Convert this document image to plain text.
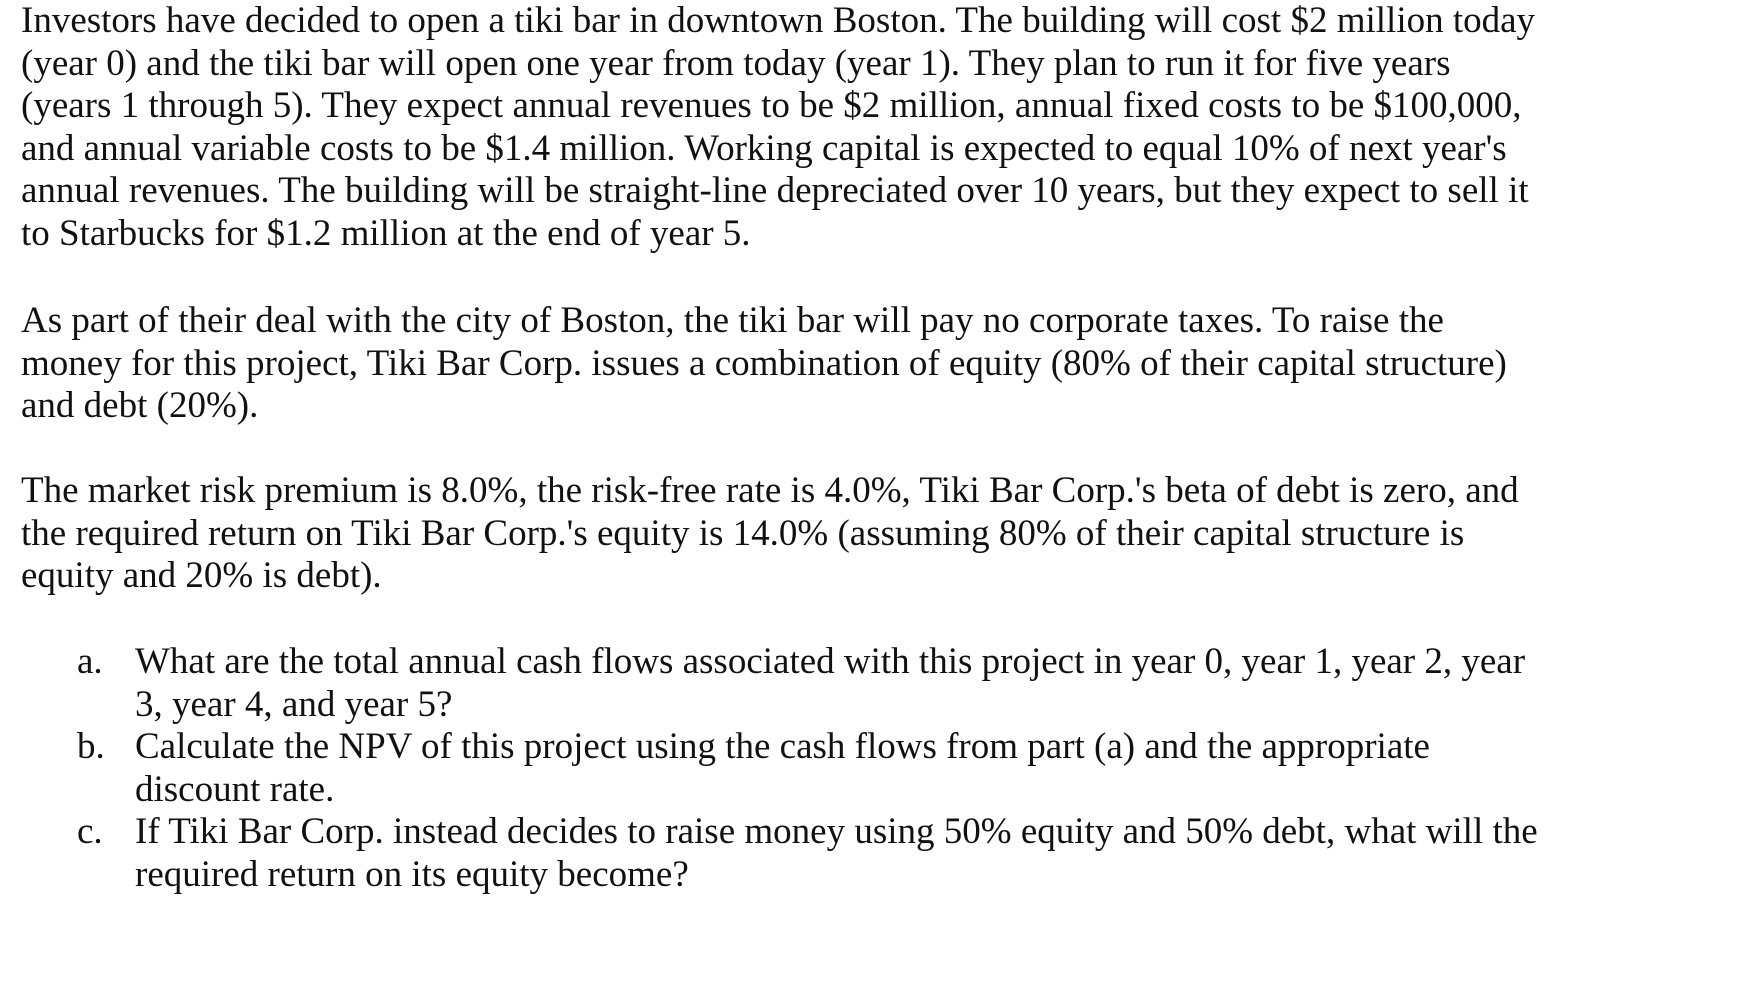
Investors have decided to open a tiki bar in downtown Boston. The building will cost $2 million today (year 0) and the tiki bar will open one year from today (year 1). They plan to run it for five years (years 1 through 5). They expect annual revenues to be $2 million, annual fixed costs to be $100,000, and annual variable costs to be $1.4 million. Working capital is expected to equal 10% of next year's annual revenues. The building will be straight-line depreciated over 10 years, but they expect to sell it to Starbucks for $1.2 million at the end of year 5.

As part of their deal with the city of Boston, the tiki bar will pay no corporate taxes. To raise the money for this project, Tiki Bar Corp. issues a combination of equity (80% of their capital structure) and debt (20%).

The market risk premium is 8.0%, the risk-free rate is 4.0%, Tiki Bar Corp.'s beta of debt is zero, and the required return on Tiki Bar Corp.'s equity is 14.0% (assuming 80% of their capital structure is equity and 20% is debt).

a. What are the total annual cash flows associated with this project in year 0, year 1, year 2, year 3, year 4, and year 5?
b. Calculate the NPV of this project using the cash flows from part (a) and the appropriate discount rate.
c. If Tiki Bar Corp. instead decides to raise money using 50% equity and 50% debt, what will the required return on its equity become?
